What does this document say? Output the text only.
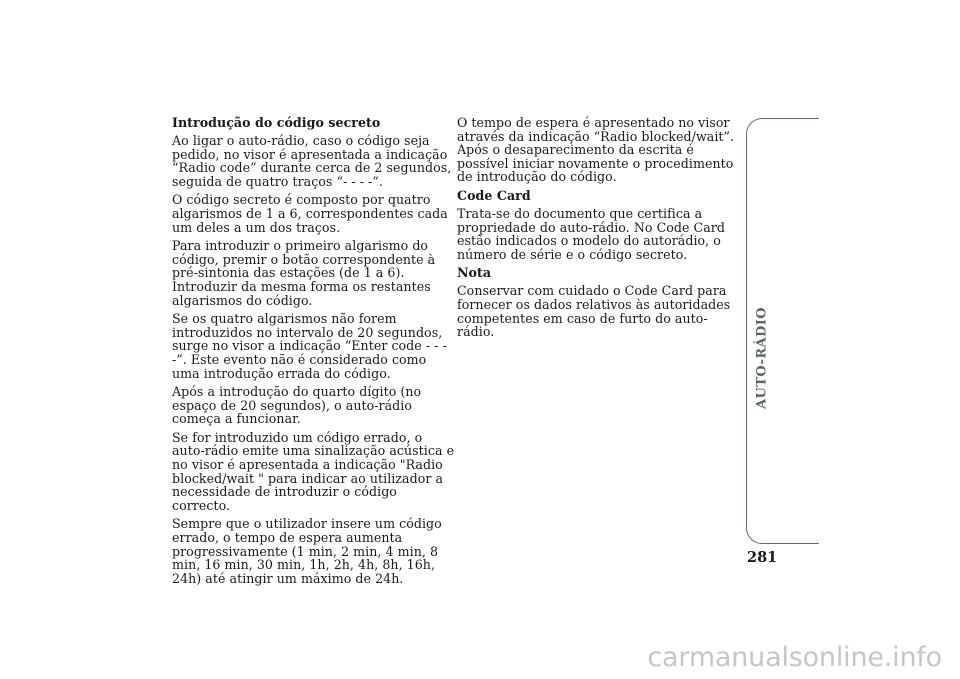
Introdução do código secreto

Ao ligar o auto-rádio, caso o código seja pedido, no visor é apresentada a indicação “Radio code” durante cerca de 2 segundos, seguida de quatro traços “- - - -”.

O código secreto é composto por quatro algarismos de 1 a 6, correspondentes cada um deles a um dos traços.

Para introduzir o primeiro algarismo do código, premir o botão correspondente à pré-sintonia das estações (de 1 a 6). Introduzir da mesma forma os restantes algarismos do código.

Se os quatro algarismos não forem introduzidos no intervalo de 20 segundos, surge no visor a indicação “Enter code - - - -”. Este evento não é considerado como uma introdução errada do código.

Após a introdução do quarto dígito (no espaço de 20 segundos), o auto-rádio começa a funcionar.

Se for introduzido um código errado, o auto-rádio emite uma sinalização acústica e no visor é apresentada a indicação "Radio blocked/wait " para indicar ao utilizador a necessidade de introduzir o código correcto.

Sempre que o utilizador insere um código errado, o tempo de espera aumenta progressivamente (1 min, 2 min, 4 min, 8 min, 16 min, 30 min, 1h, 2h, 4h, 8h, 16h, 24h) até atingir um máximo de 24h.

O tempo de espera é apresentado no visor através da indicação “Radio blocked/wait”. Após o desaparecimento da escrita é possível iniciar novamente o procedimento de introdução do código.

Code Card

Trata-se do documento que certifica a propriedade do auto-rádio. No Code Card estão indicados o modelo do autorádio, o número de série e o código secreto.

Nota

Conservar com cuidado o Code Card para fornecer os dados relativos às autoridades competentes em caso de furto do auto-rádio.	AUTO-RÁDIO
281
carmanualsonline.info
